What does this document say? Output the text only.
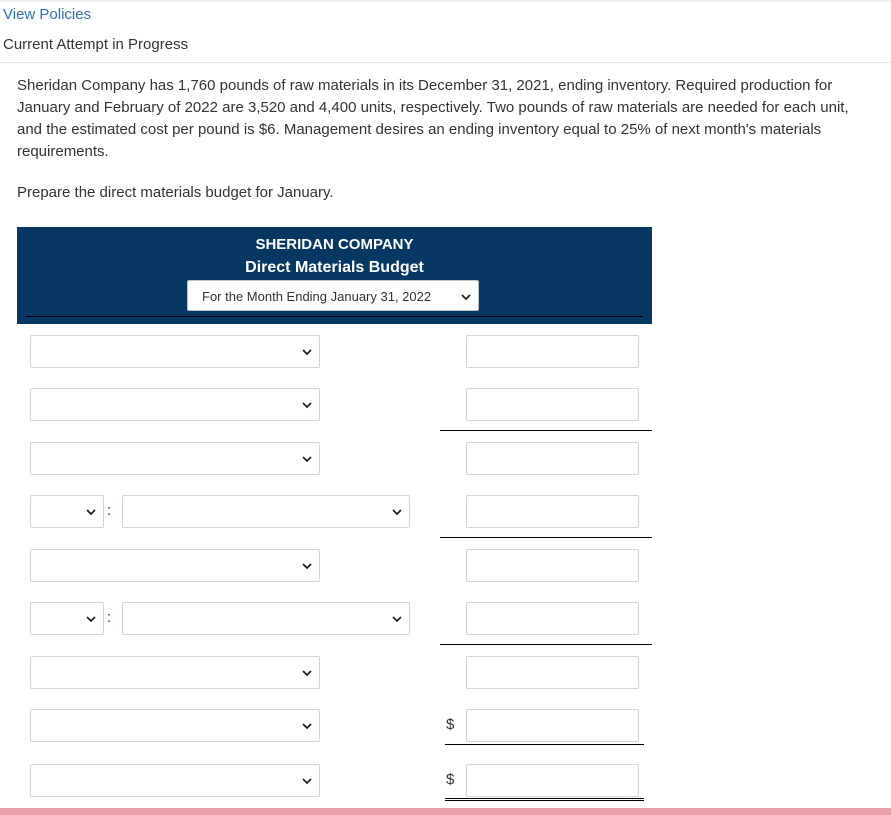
View Policies
Current Attempt in Progress
Sheridan Company has 1,760 pounds of raw materials in its December 31, 2021, ending inventory. Required production for January and February of 2022 are 3,520 and 4,400 units, respectively. Two pounds of raw materials are needed for each unit, and the estimated cost per pound is $6. Management desires an ending inventory equal to 25% of next month's materials requirements.
Prepare the direct materials budget for January.
SHERIDAN COMPANY
Direct Materials Budget
For the Month Ending January 31, 2022
:
:
$
$
